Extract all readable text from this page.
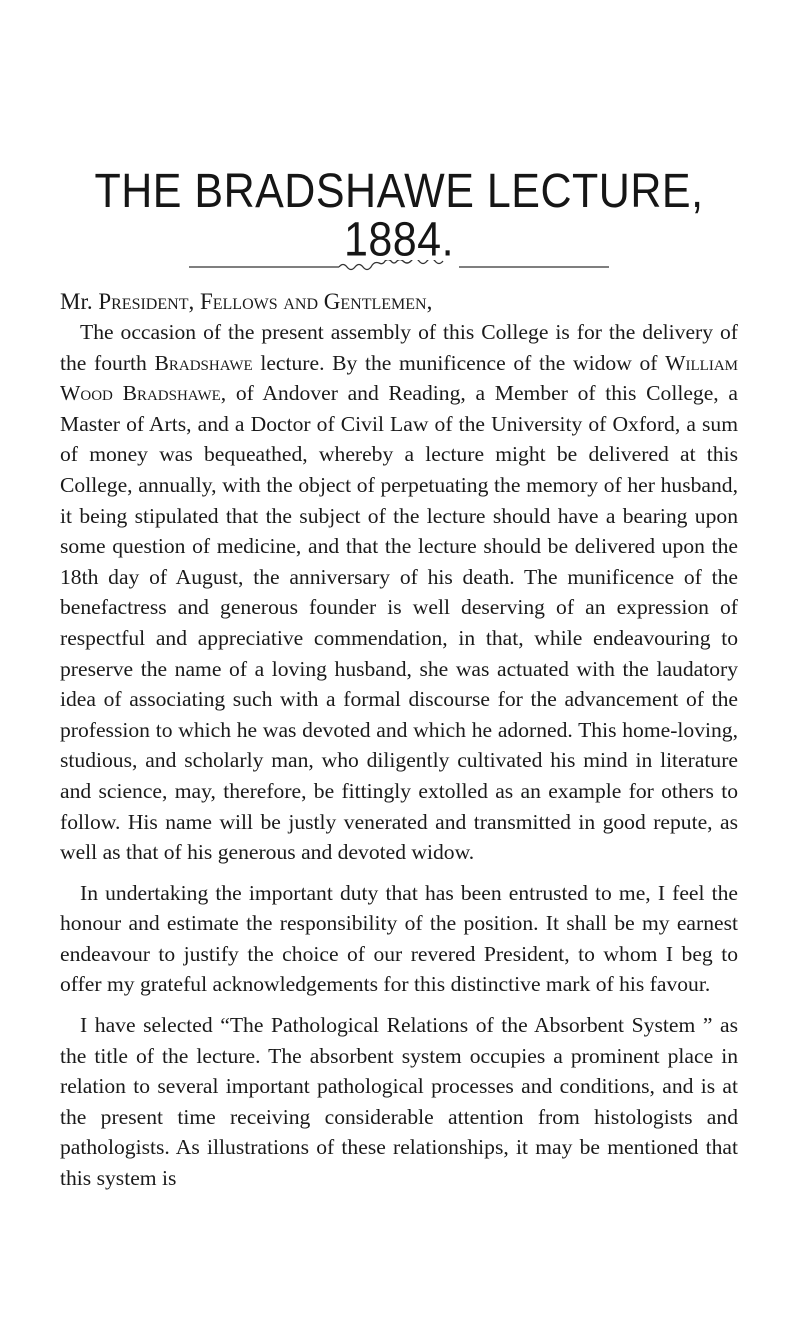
THE BRADSHAWE LECTURE, 1884.

Mr. President, Fellows and Gentlemen,

The occasion of the present assembly of this College is for the delivery of the fourth Bradshawe lecture. By the munificence of the widow of William Wood Bradshawe, of Andover and Reading, a Member of this College, a Master of Arts, and a Doctor of Civil Law of the University of Oxford, a sum of money was bequeathed, whereby a lecture might be delivered at this College, annually, with the object of perpetuating the memory of her husband, it being stipulated that the subject of the lecture should have a bearing upon some question of medicine, and that the lecture should be delivered upon the 18th day of August, the anniversary of his death. The munificence of the benefactress and generous founder is well deserving of an expression of respectful and appreciative commendation, in that, while endeavouring to preserve the name of a loving husband, she was actuated with the laudatory idea of associating such with a formal discourse for the advancement of the profession to which he was devoted and which he adorned. This home-loving, studious, and scholarly man, who diligently cultivated his mind in literature and science, may, therefore, be fittingly extolled as an example for others to follow. His name will be justly venerated and transmitted in good repute, as well as that of his generous and devoted widow.

In undertaking the important duty that has been entrusted to me, I feel the honour and estimate the responsibility of the position. It shall be my earnest endeavour to justify the choice of our revered President, to whom I beg to offer my grateful acknowledgements for this distinctive mark of his favour.

I have selected “The Pathological Relations of the Absorbent System ” as the title of the lecture. The absorbent system occupies a prominent place in relation to several important pathological processes and conditions, and is at the present time receiving considerable attention from histologists and pathologists. As illustrations of these relationships, it may be mentioned that this system is
